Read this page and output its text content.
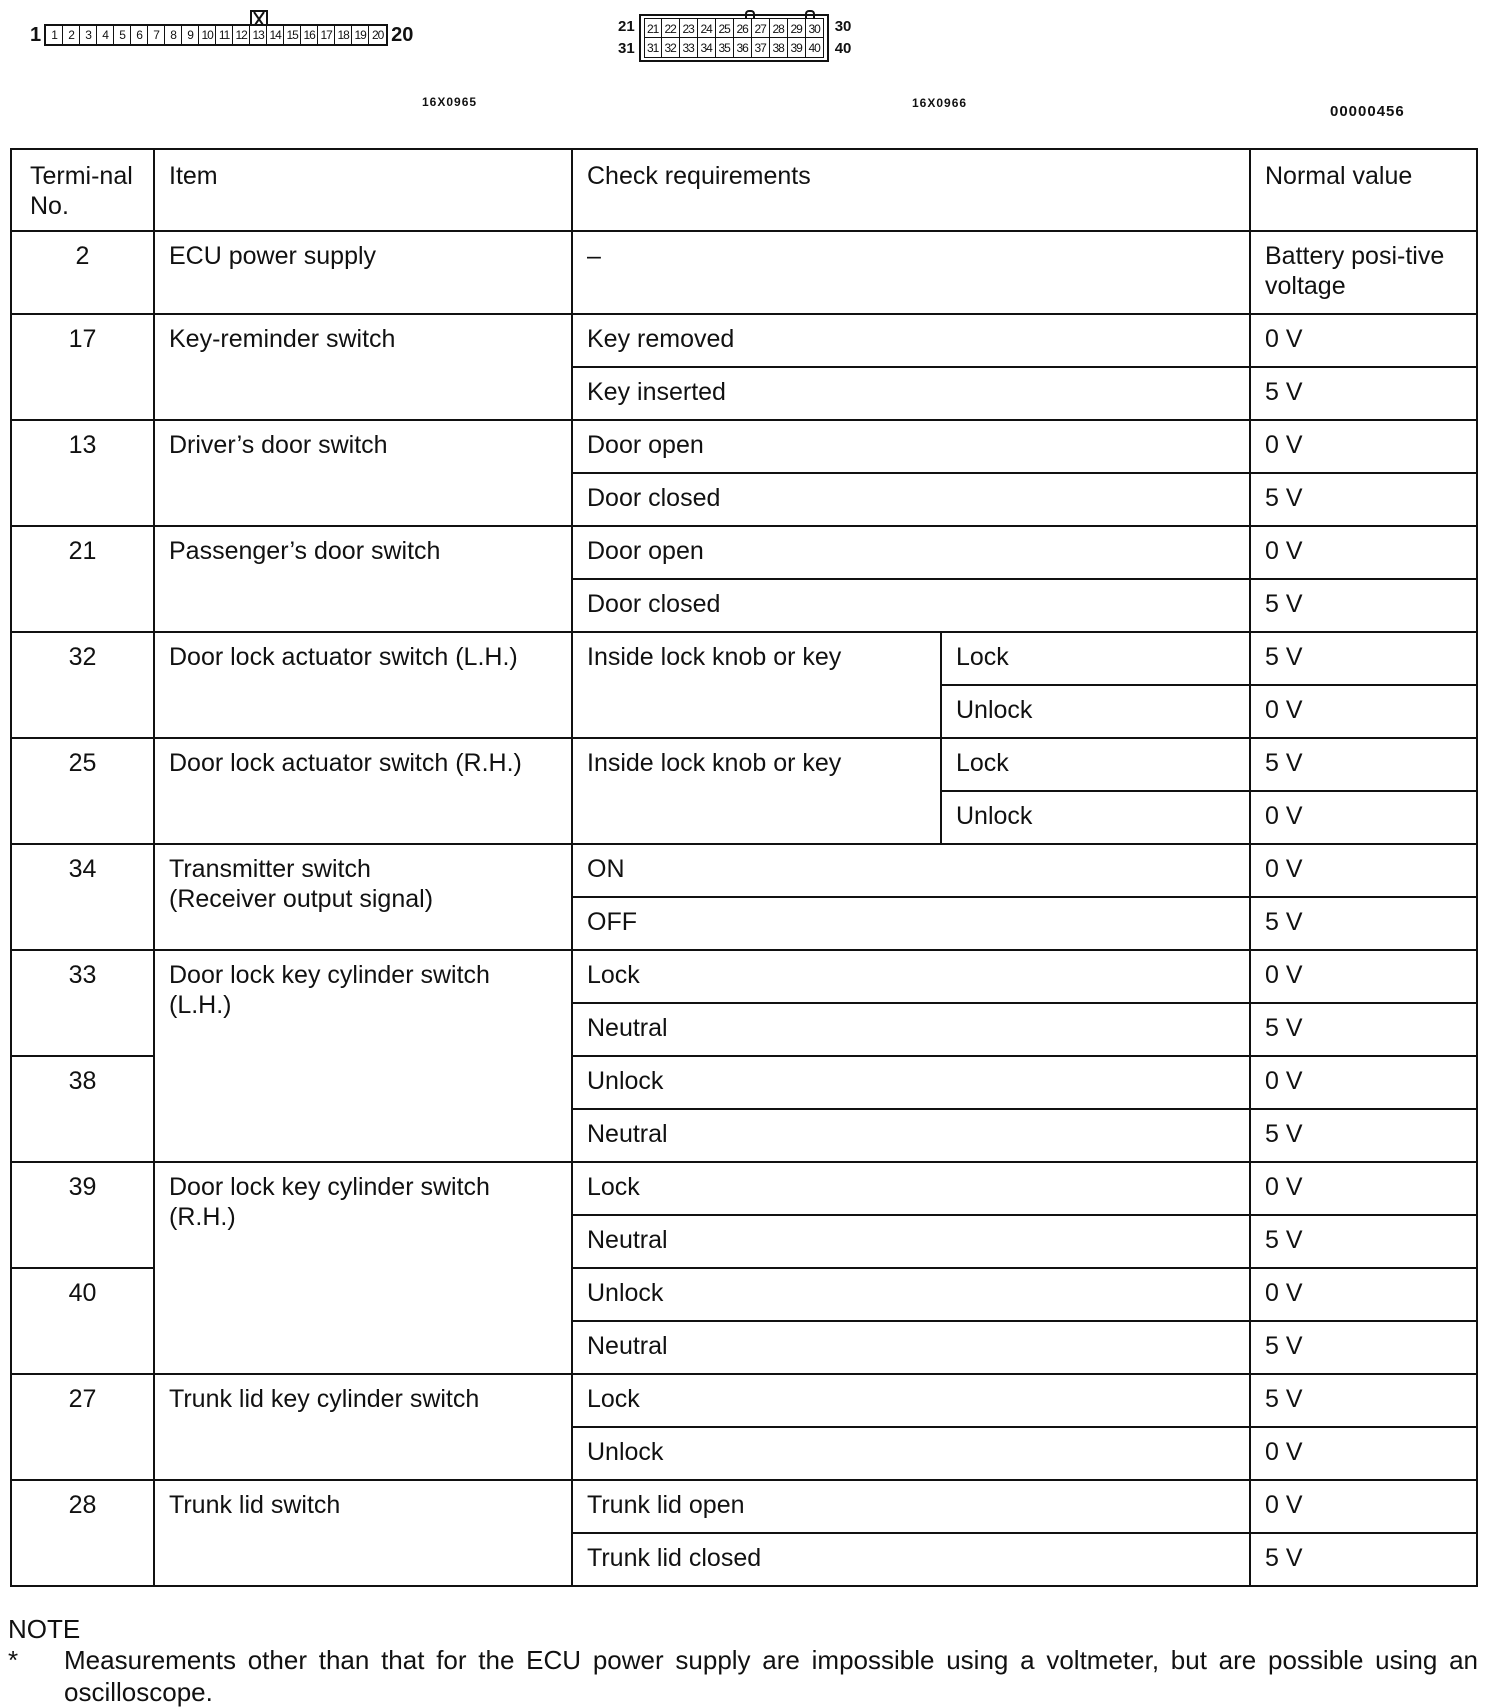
1 1 2 3 4 5 6 7 8 9 10 11 12 13 14 15 16 17 18 19 20 20	21
31
21 22 23 24 25 26 27 28 29 30
31 32 33 34 35 36 37 38 39 40
30
40
16X0965	16X0966	00000456
Termi-nal No.	Item	Check requirements		Normal value
2	ECU power supply	–		Battery posi-tive voltage
17	Key-reminder switch	Key removed		0 V
		Key inserted		5 V
13	Driver’s door switch	Door open		0 V
		Door closed		5 V
21	Passenger’s door switch	Door open		0 V
		Door closed		5 V
32	Door lock actuator switch (L.H.)	Inside lock knob or key	Lock	5 V
			Unlock	0 V
25	Door lock actuator switch (R.H.)	Inside lock knob or key	Lock	5 V
			Unlock	0 V
34	Transmitter switch
(Receiver output signal)	ON		0 V
		OFF		5 V
33	Door lock key cylinder switch
(L.H.)	Lock		0 V
		Neutral		5 V
38		Unlock		0 V
		Neutral		5 V
39	Door lock key cylinder switch
(R.H.)	Lock		0 V
		Neutral		5 V
40		Unlock		0 V
		Neutral		5 V
27	Trunk lid key cylinder switch	Lock		5 V
		Unlock		0 V
28	Trunk lid switch	Trunk lid open		0 V
		Trunk lid closed		5 V
NOTE
* Measurements other than that for the ECU power supply are impossible using a voltmeter, but are possible using an oscilloscope.
